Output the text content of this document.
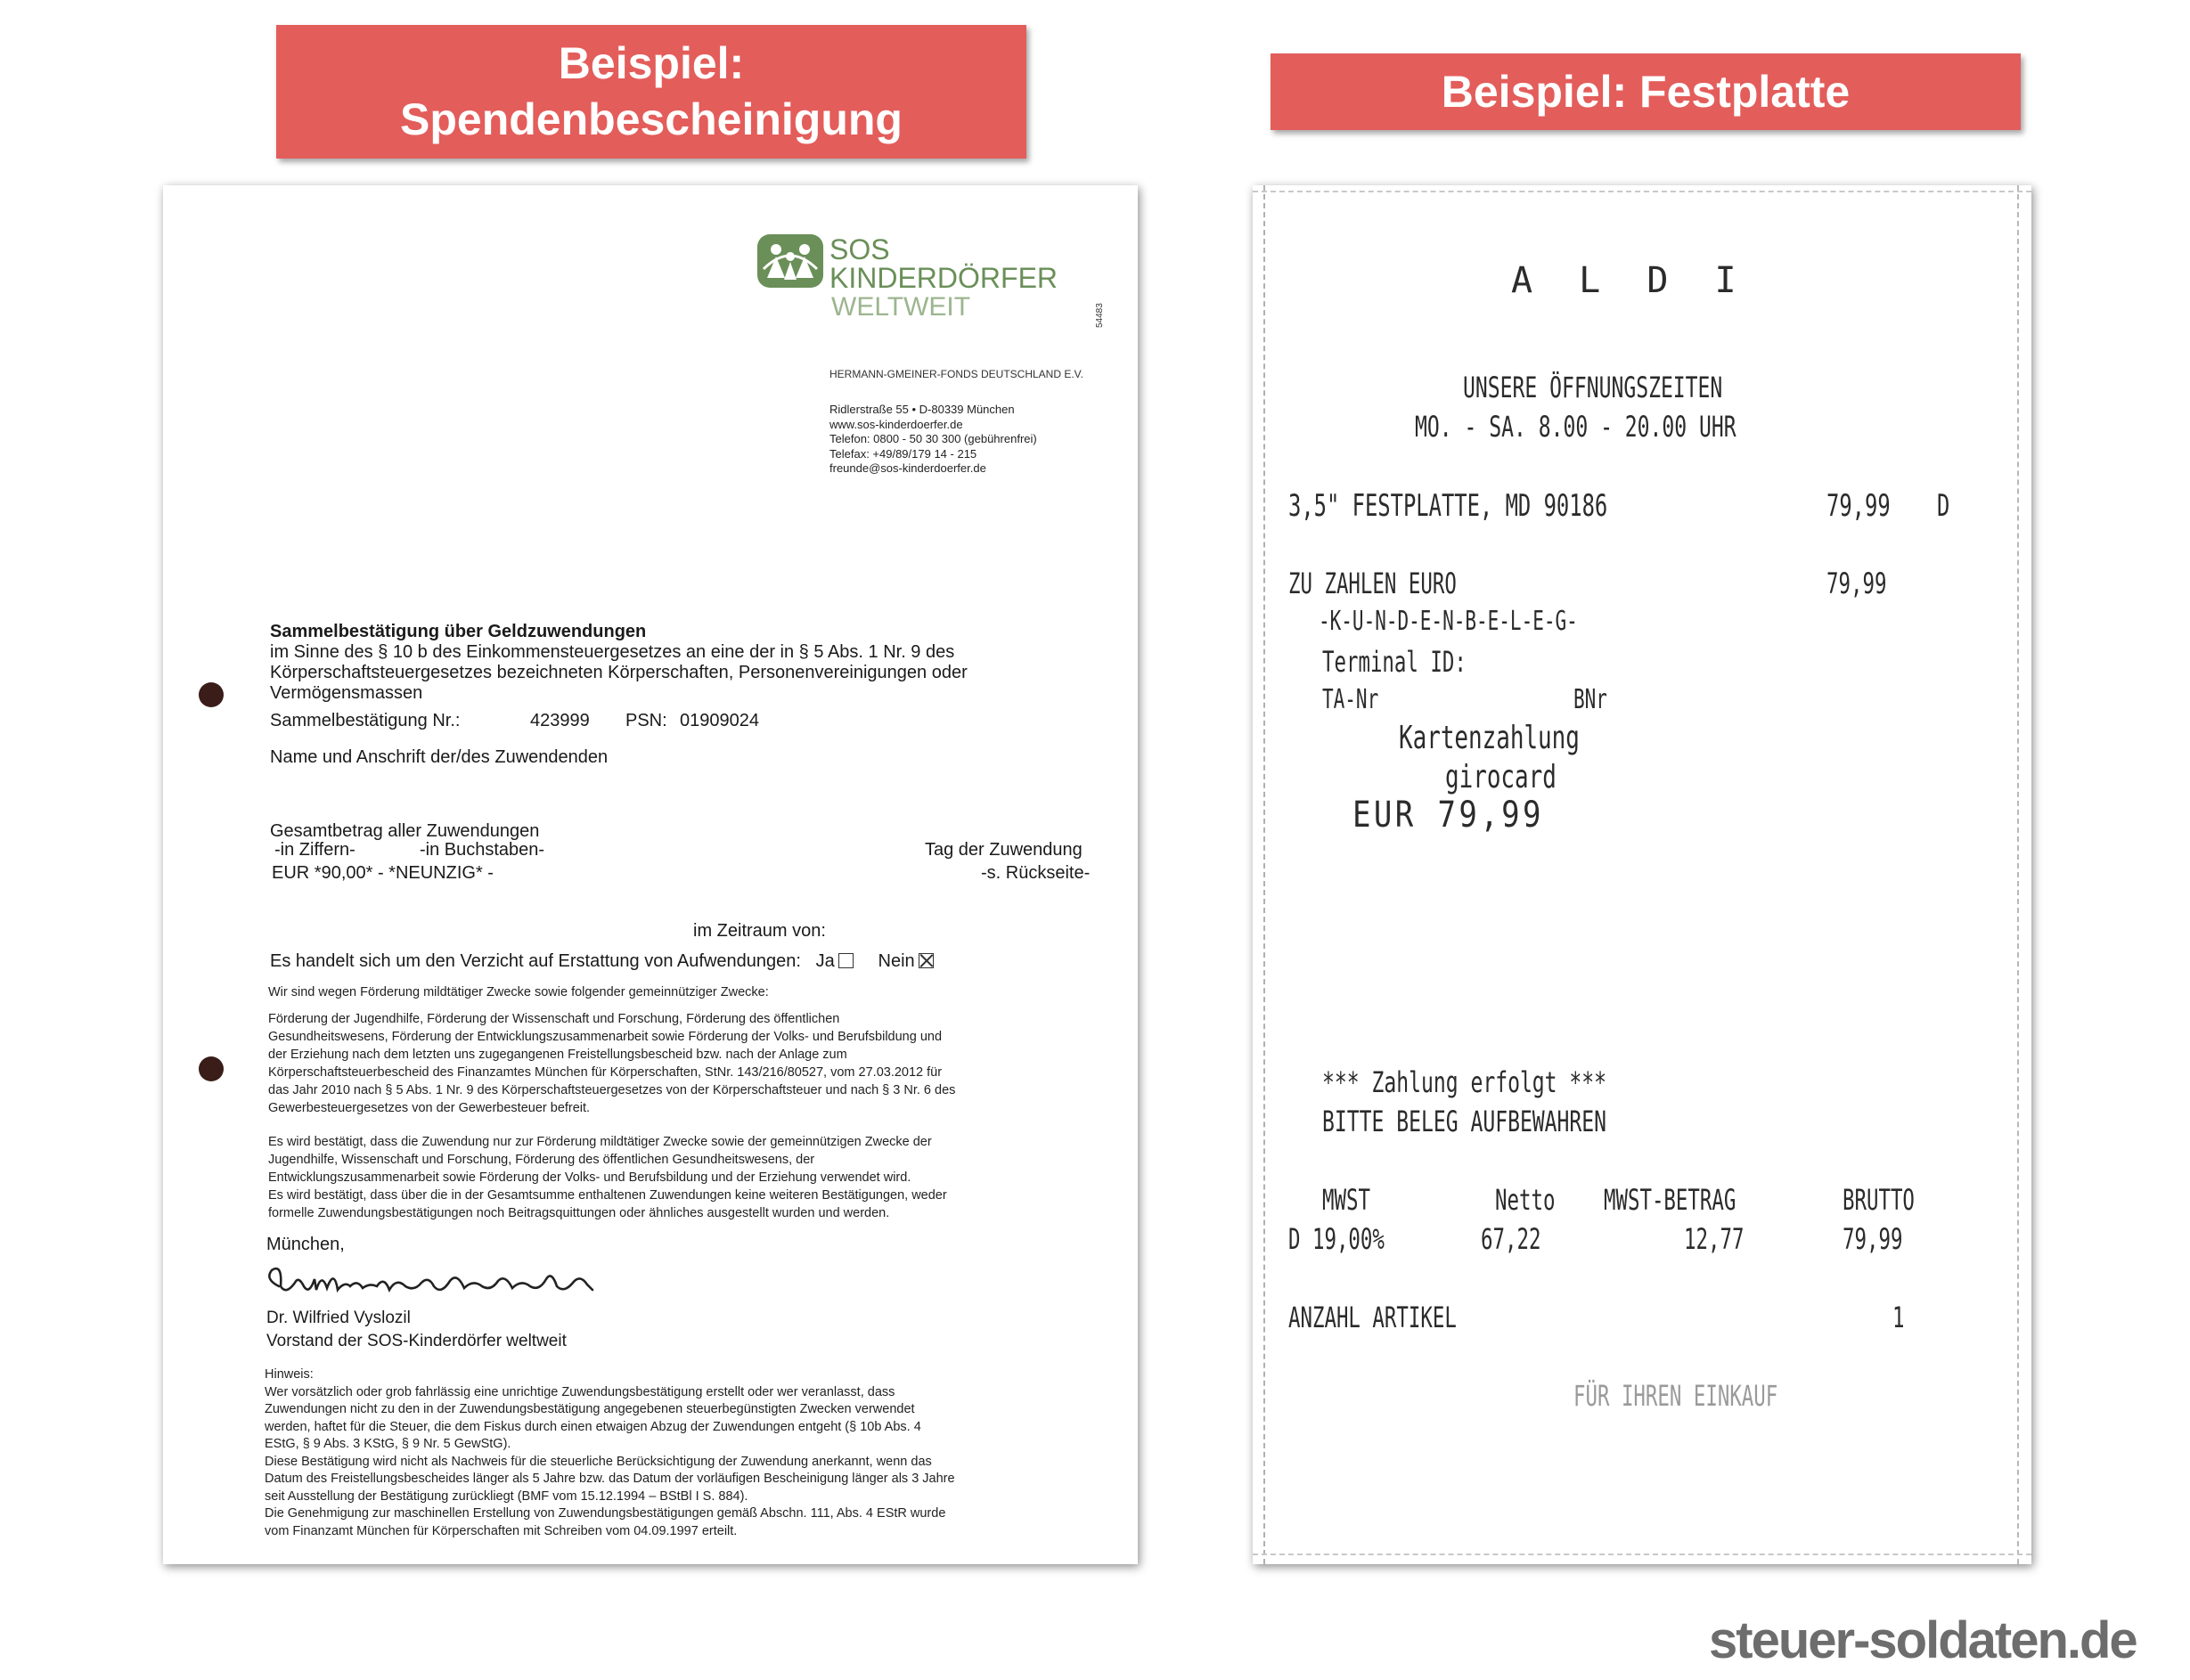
Beispiel:
Spendenbescheinigung
Beispiel: Festplatte
SOS
KINDERDÖRFER
WELTWEIT	54483
HERMANN-GMEINER-FONDS DEUTSCHLAND E.V.
Ridlerstraße 55 • D-80339 München
www.sos-kinderdoerfer.de
Telefon: 0800 - 50 30 300 (gebührenfrei)
Telefax: +49/89/179 14 - 215
freunde@sos-kinderdoerfer.de
Sammelbestätigung über Geldzuwendungen
im Sinne des § 10 b des Einkommensteuergesetzes an eine der in § 5 Abs. 1 Nr. 9 des
Körperschaftsteuergesetzes bezeichneten Körperschaften, Personenvereinigungen oder
Vermögensmassen
Sammelbestätigung Nr.:	423999 PSN: 01909024
Name und Anschrift der/des Zuwendenden
Gesamtbetrag aller Zuwendungen
-in Ziffern-	-in Buchstaben-
EUR *90,00* - *NEUNZIG* -
Tag der Zuwendung
-s. Rückseite-
im Zeitraum von:
Es handelt sich um den Verzicht auf Erstattung von Aufwendungen: Ja Nein
Wir sind wegen Förderung mildtätiger Zwecke sowie folgender gemeinnütziger Zwecke:
Förderung der Jugendhilfe, Förderung der Wissenschaft und Forschung, Förderung des öffentlichen
Gesundheitswesens, Förderung der Entwicklungszusammenarbeit sowie Förderung der Volks- und Berufsbildung und
der Erziehung nach dem letzten uns zugegangenen Freistellungsbescheid bzw. nach der Anlage zum
Körperschaftsteuerbescheid des Finanzamtes München für Körperschaften, StNr. 143/216/80527, vom 27.03.2012 für
das Jahr 2010 nach § 5 Abs. 1 Nr. 9 des Körperschaftsteuergesetzes von der Körperschaftsteuer und nach § 3 Nr. 6 des
Gewerbesteuergesetzes von der Gewerbesteuer befreit.
Es wird bestätigt, dass die Zuwendung nur zur Förderung mildtätiger Zwecke sowie der gemeinnützigen Zwecke der
Jugendhilfe, Wissenschaft und Forschung, Förderung des öffentlichen Gesundheitswesens, der
Entwicklungszusammenarbeit sowie Förderung der Volks- und Berufsbildung und der Erziehung verwendet wird.
Es wird bestätigt, dass über die in der Gesamtsumme enthaltenen Zuwendungen keine weiteren Bestätigungen, weder
formelle Zuwendungsbestätigungen noch Beitragsquittungen oder ähnliches ausgestellt wurden und werden.
München,
Dr. Wilfried Vyslozil
Vorstand der SOS-Kinderdörfer weltweit
Hinweis:
Wer vorsätzlich oder grob fahrlässig eine unrichtige Zuwendungsbestätigung erstellt oder wer veranlasst, dass
Zuwendungen nicht zu den in der Zuwendungsbestätigung angegebenen steuerbegünstigten Zwecken verwendet
werden, haftet für die Steuer, die dem Fiskus durch einen etwaigen Abzug der Zuwendungen entgeht (§ 10b Abs. 4
EStG, § 9 Abs. 3 KStG, § 9 Nr. 5 GewStG).
Diese Bestätigung wird nicht als Nachweis für die steuerliche Berücksichtigung der Zuwendung anerkannt, wenn das
Datum des Freistellungsbescheides länger als 5 Jahre bzw. das Datum der vorläufigen Bescheinigung länger als 3 Jahre
seit Ausstellung der Bestätigung zurückliegt (BMF vom 15.12.1994 – BStBl I S. 884).
Die Genehmigung zur maschinellen Erstellung von Zuwendungsbestätigungen gemäß Abschn. 111, Abs. 4 EStR wurde
vom Finanzamt München für Körperschaften mit Schreiben vom 04.09.1997 erteilt.
A L D I
UNSERE ÖFFNUNGSZEITEN
MO. - SA. 8.00 - 20.00 UHR
3,5" FESTPLATTE, MD 90186	79,99 D
ZU ZAHLEN EURO	79,99
-K-U-N-D-E-N-B-E-L-E-G-
Terminal ID:
TA-Nr	BNr
Kartenzahlung
girocard
EUR 79,99
*** Zahlung erfolgt ***
BITTE BELEG AUFBEWAHREN
MWST	Netto MWST-BETRAG	BRUTTO
D 19,00%	67,22	12,77	79,99
ANZAHL ARTIKEL	1
FÜR IHREN EINKAUF
steuer-soldaten.de
